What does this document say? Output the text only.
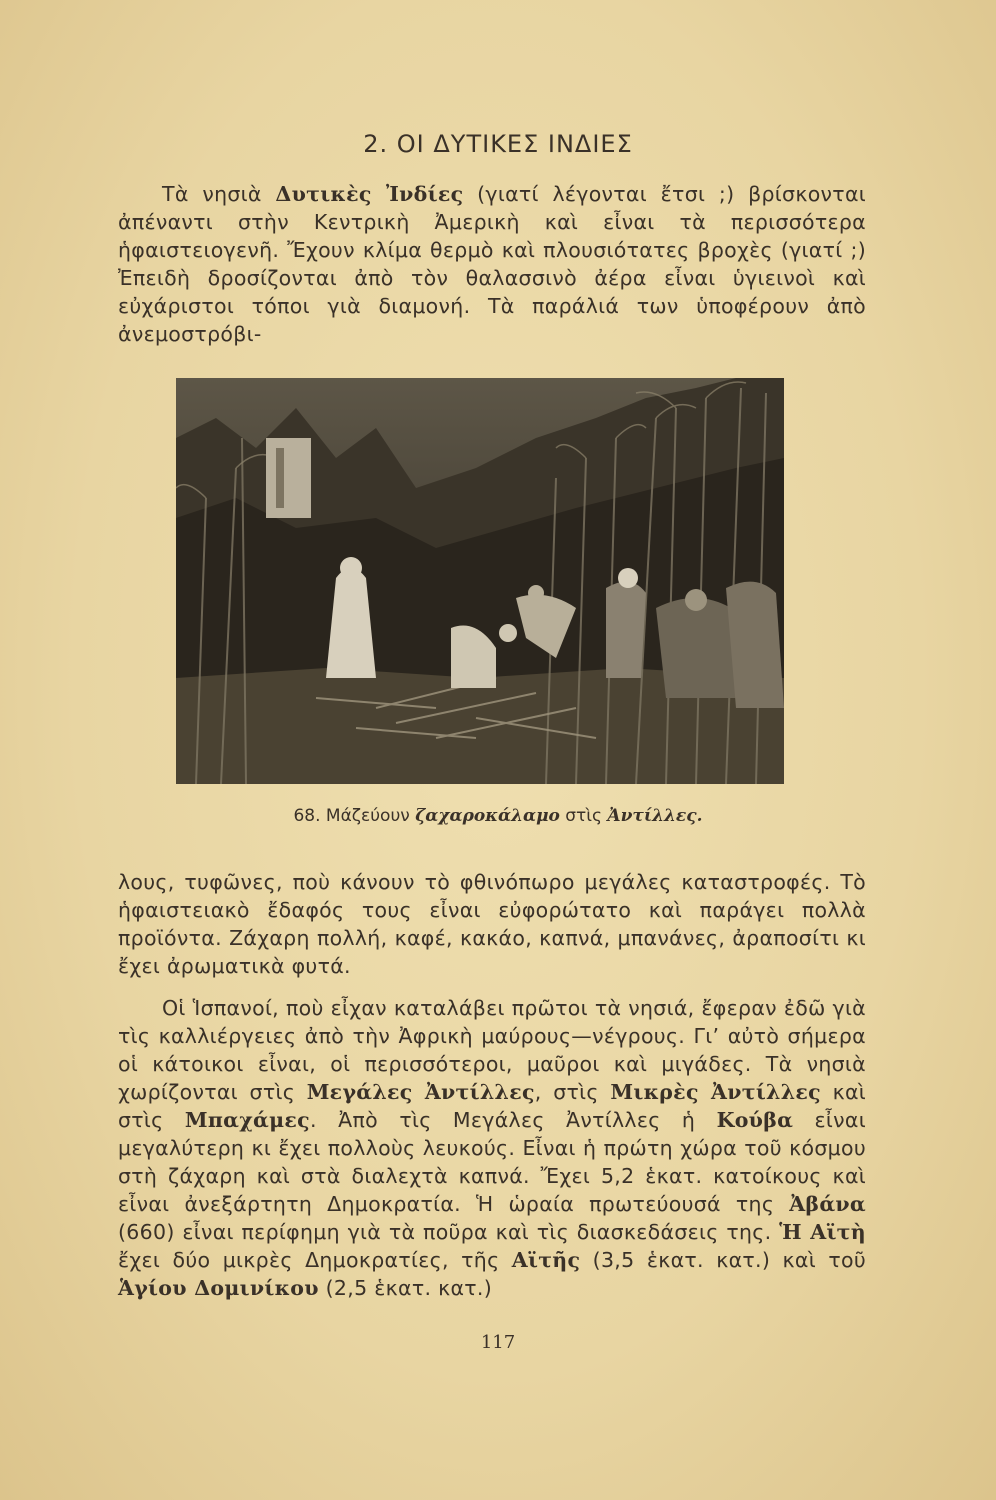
2. ΟΙ ΔΥΤΙΚΕΣ ΙΝΔΙΕΣ
Τὰ νησιὰ Δυτικὲς Ἰνδίες (γιατί λέγονται ἔτσι ;) βρίσκονται ἀπέναντι στὴν Κεντρικὴ Ἀμερικὴ καὶ εἶναι τὰ περισσότερα ἡφαιστειογενῆ. Ἔχουν κλίμα θερμὸ καὶ πλουσιότατες βροχὲς (γιατί ;) Ἐπειδὴ δροσίζονται ἀπὸ τὸν θαλασσινὸ ἀέρα εἶναι ὑγιεινοὶ καὶ εὐχάριστοι τόποι γιὰ διαμονή. Τὰ παράλιά των ὑποφέρουν ἀπὸ ἀνεμοστρόβι-
68. Μάζεύουν ζαχαροκάλαμο στὶς Ἀντίλλες.
λους, τυφῶνες, ποὺ κάνουν τὸ φθινόπωρο μεγάλες καταστροφές. Τὸ ἡφαιστειακὸ ἔδαφός τους εἶναι εὐφορώτατο καὶ παράγει πολλὰ προϊόντα. Ζάχαρη πολλή, καφέ, κακάο, καπνά, μπανάνες, ἀραποσίτι κι ἔχει ἀρωματικὰ φυτά.
Οἱ Ἱσπανοί, ποὺ εἶχαν καταλάβει πρῶτοι τὰ νησιά, ἔφεραν ἐδῶ γιὰ τὶς καλλιέργειες ἀπὸ τὴν Ἀφρικὴ μαύρους—νέγρους. Γι’ αὐτὸ σήμερα οἱ κάτοικοι εἶναι, οἱ περισσότεροι, μαῦροι καὶ μιγάδες. Τὰ νησιὰ χωρίζονται στὶς Μεγάλες Ἀντίλλες, στὶς Μικρὲς Ἀντίλλες καὶ στὶς Μπαχάμες. Ἀπὸ τὶς Μεγάλες Ἀντίλλες ἡ Κούβα εἶναι μεγαλύτερη κι ἔχει πολλοὺς λευκούς. Εἶναι ἡ πρώτη χώρα τοῦ κόσμου στὴ ζάχαρη καὶ στὰ διαλεχτὰ καπνά. Ἔχει 5,2 ἑκατ. κατοίκους καὶ εἶναι ἀνεξάρτητη Δημοκρατία. Ἡ ὡραία πρωτεύουσά της Ἀβάνα (660) εἶναι περίφημη γιὰ τὰ ποῦρα καὶ τὶς διασκεδάσεις της. Ἡ Αϊτὴ ἔχει δύο μικρὲς Δημοκρατίες, τῆς Αϊτῆς (3,5 ἑκατ. κατ.) καὶ τοῦ Ἁγίου Δομινίκου (2,5 ἑκατ. κατ.)
117
